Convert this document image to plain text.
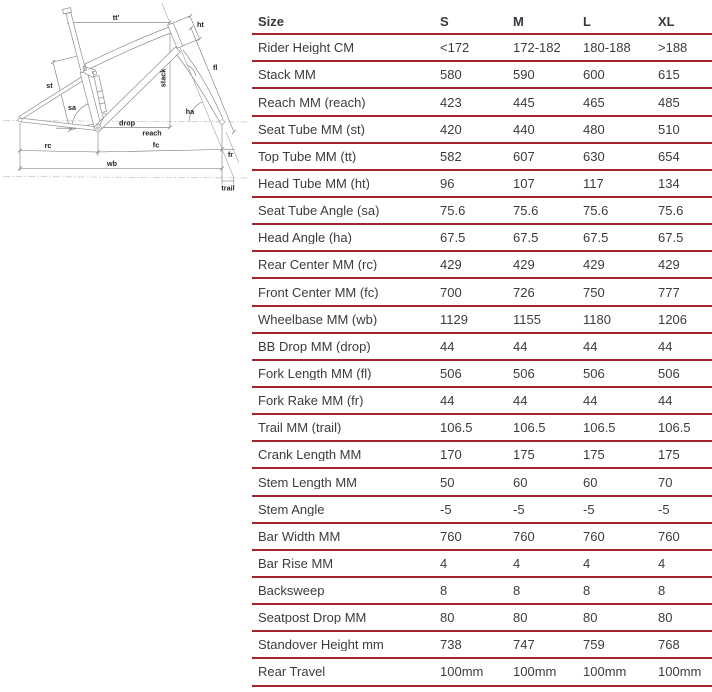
tt'
ht
fl
stack
st
sa	ha
drop
reach
rc	fc
wb
fr
trail
Size	S	M	L	XL
Rider Height CM	<172	172-182	180-188	>188
Stack MM	580	590	600	615
Reach MM (reach)	423	445	465	485
Seat Tube MM (st)	420	440	480	510
Top Tube MM (tt)	582	607	630	654
Head Tube MM (ht)	96	107	117	134
Seat Tube Angle (sa)	75.6	75.6	75.6	75.6
Head Angle (ha)	67.5	67.5	67.5	67.5
Rear Center MM (rc)	429	429	429	429
Front Center MM (fc)	700	726	750	777
Wheelbase MM (wb)	1129	1155	1180	1206
BB Drop MM (drop)	44	44	44	44
Fork Length MM (fl)	506	506	506	506
Fork Rake MM (fr)	44	44	44	44
Trail MM (trail)	106.5	106.5	106.5	106.5
Crank Length MM	170	175	175	175
Stem Length MM	50	60	60	70
Stem Angle	-5	-5	-5	-5
Bar Width MM	760	760	760	760
Bar Rise MM	4	4	4	4
Backsweep	8	8	8	8
Seatpost Drop MM	80	80	80	80
Standover Height mm	738	747	759	768
Rear Travel	100mm	100mm	100mm	100mm
